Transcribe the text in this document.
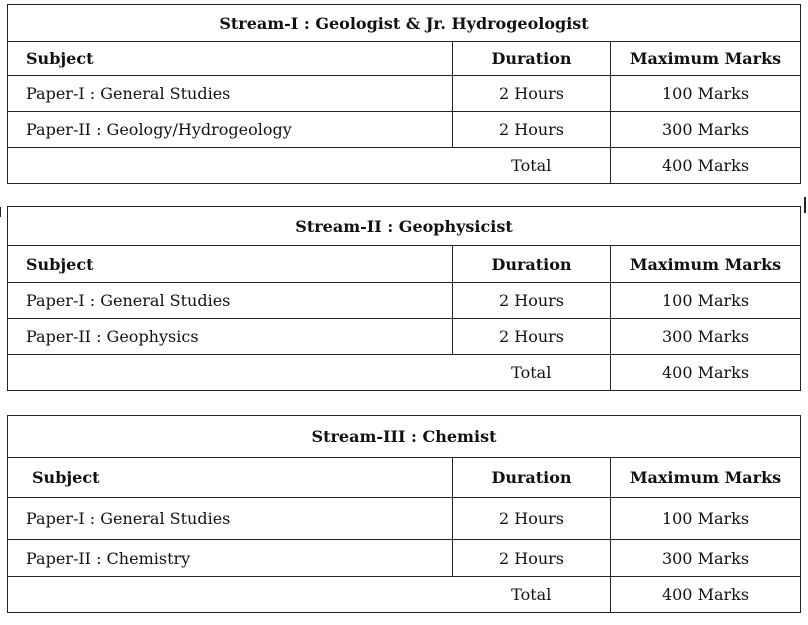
Stream-I : Geologist & Jr. Hydrogeologist		
Subject	Duration	Maximum Marks
Paper-I : General Studies	2 Hours	100 Marks
Paper-II : Geology/Hydrogeology	2 Hours	300 Marks
	Total	400 Marks
Stream-II : Geophysicist		
Subject	Duration	Maximum Marks
Paper-I : General Studies	2 Hours	100 Marks
Paper-II : Geophysics	2 Hours	300 Marks
	Total	400 Marks
Stream-III : Chemist		
Subject	Duration	Maximum Marks
Paper-I : General Studies	2 Hours	100 Marks
Paper-II : Chemistry	2 Hours	300 Marks
	Total	400 Marks
